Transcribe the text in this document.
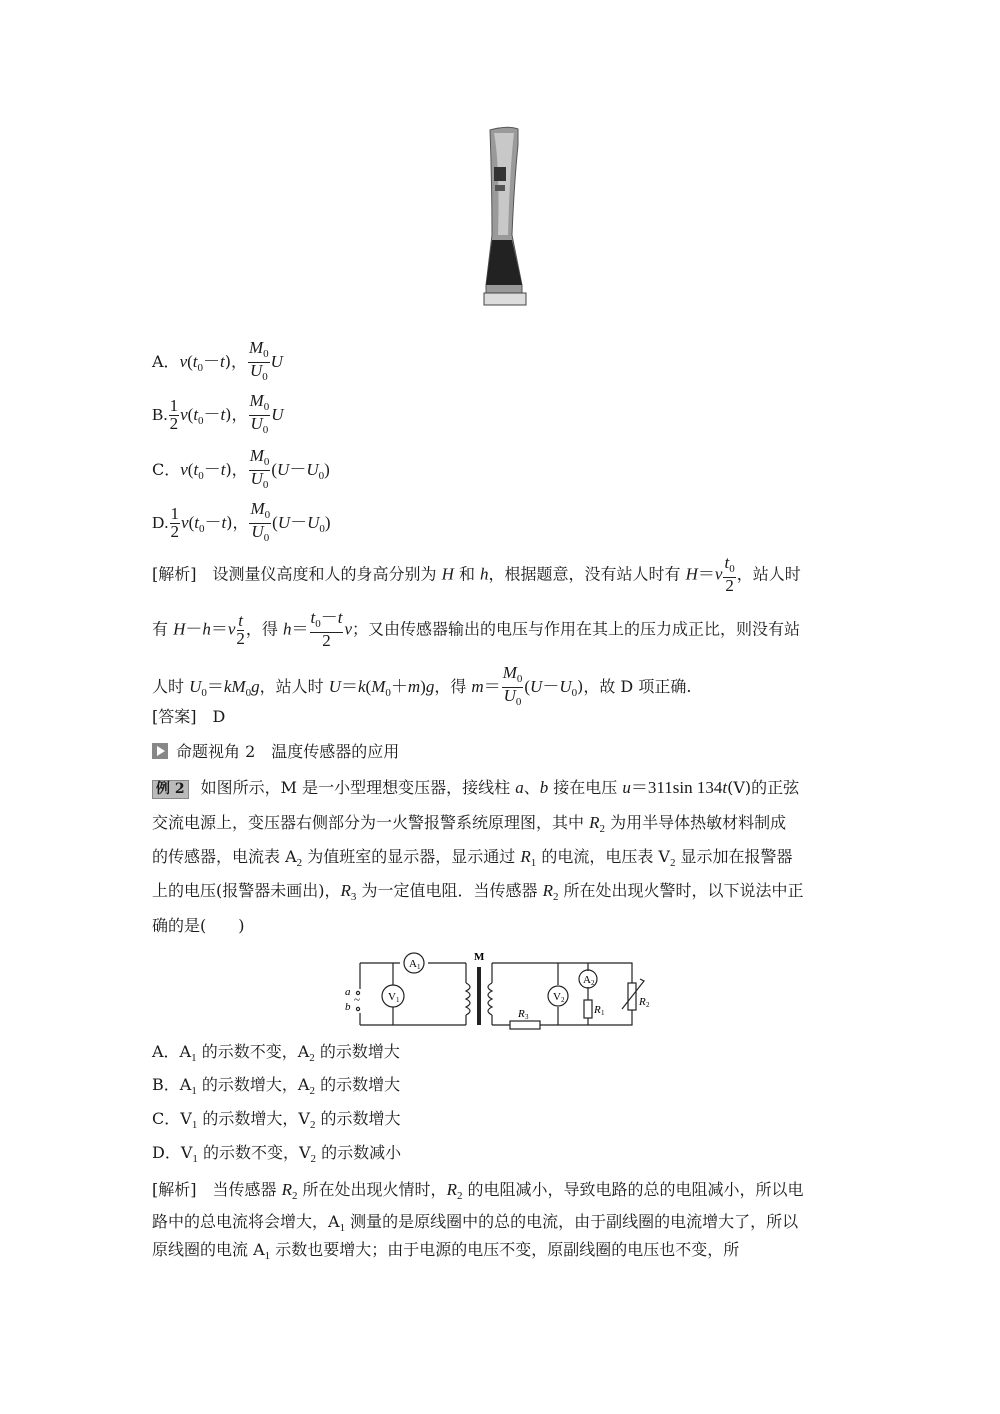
命题视角 2　温度传感器的应用
M
a
b
~
A 1
V 1	V 2
A 2
R 1
R 2
R 3
A．$v(t_0-t)$， $\frac{M_0}{U_0}$ U
B. $\frac{1}{2} v(t_0-t)$， $\frac{M_0}{U_0}$ U
C．$v(t_0-t)$， $\frac{M_0}{U_0} (U-U_0)$
D. $\frac{1}{2} v(t_0-t)$， $\frac{M_0}{U_0} (U-U_0)$
[解析]　设测量仪高度和人的身高分别为 H 和 h，根据题意，没有站人时有 $H=v \frac{t_0}{2}$ ，站人时
有 $H-h=v \frac{t}{2}$ ，得 $h= \frac{t_0-t}{2}$ v；又由传感器输出的电压与作用在其上的压力成正比，则没有站
人时 $U_0=kM_0g$，站人时 $U=k(M_0+m)g$，得 $m= \frac{M_0}{U_0} (U-U_0)$，故 D 项正确.
[答案]　D
例 2 如图所示，M 是一小型理想变压器，接线柱 a、b 接在电压 u＝311sin 134t(V)的正弦
交流电源上，变压器右侧部分为一火警报警系统原理图，其中 $R_2$ 为用半导体热敏材料制成
的传感器，电流表 $A_2$ 为值班室的显示器，显示通过 $R_1$ 的电流，电压表 $V_2$ 显示加在报警器
上的电压(报警器未画出)，$R_3$ 为一定值电阻．当传感器 $R_2$ 所在处出现火警时，以下说法中正
确的是(　　)
A．$A_1$ 的示数不变，$A_2$ 的示数增大
B．$A_1$ 的示数增大，$A_2$ 的示数增大
C．$V_1$ 的示数增大，$V_2$ 的示数增大
D．$V_1$ 的示数不变，$V_2$ 的示数减小
[解析]　当传感器 $R_2$ 所在处出现火情时，$R_2$ 的电阻减小，导致电路的总的电阻减小，所以电
路中的总电流将会增大，$A_1$ 测量的是原线圈中的总的电流，由于副线圈的电流增大了，所以
原线圈的电流 $A_1$ 示数也要增大；由于电源的电压不变，原副线圈的电压也不变，所
